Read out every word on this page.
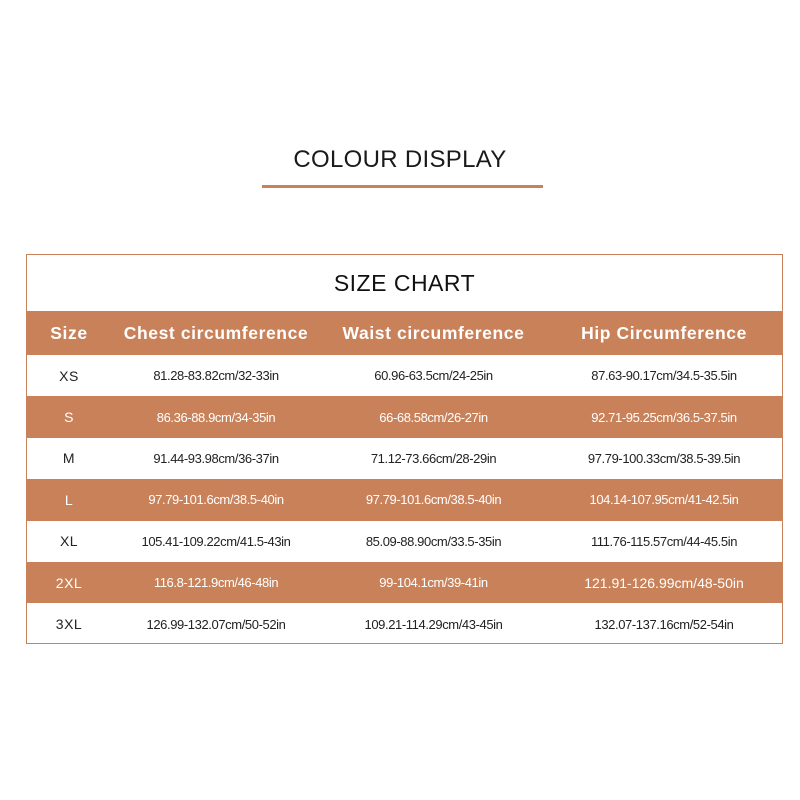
COLOUR DISPLAY
SIZE CHART
Size	Chest circumference	Waist circumference	Hip Circumference
XS	81.28-83.82cm/32-33in	60.96-63.5cm/24-25in	87.63-90.17cm/34.5-35.5in
S	86.36-88.9cm/34-35in	66-68.58cm/26-27in	92.71-95.25cm/36.5-37.5in
M	91.44-93.98cm/36-37in	71.12-73.66cm/28-29in	97.79-100.33cm/38.5-39.5in
L	97.79-101.6cm/38.5-40in	97.79-101.6cm/38.5-40in	104.14-107.95cm/41-42.5in
XL	105.41-109.22cm/41.5-43in	85.09-88.90cm/33.5-35in	111.76-115.57cm/44-45.5in
2XL	116.8-121.9cm/46-48in	99-104.1cm/39-41in	121.91-126.99cm/48-50in
3XL	126.99-132.07cm/50-52in	109.21-114.29cm/43-45in	132.07-137.16cm/52-54in
